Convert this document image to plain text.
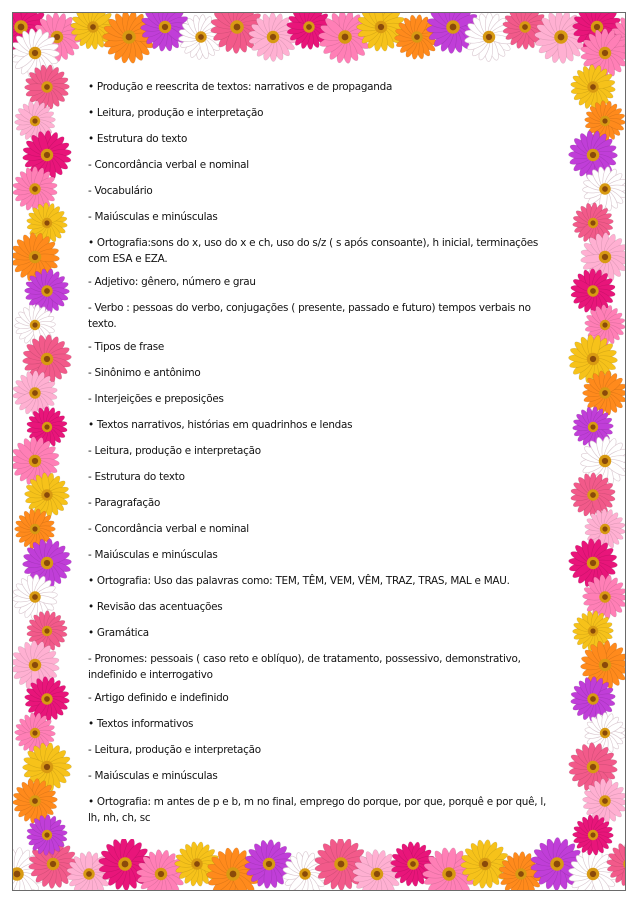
• Produção e reescrita de textos: narrativos e de propaganda
• Leitura, produção e interpretação
• Estrutura do texto
- Concordância verbal e nominal
- Vocabulário
- Maiúsculas e minúsculas
• Ortografia:sons do x, uso do x e ch, uso do s/z ( s após consoante), h inicial, terminações com ESA e EZA.
- Adjetivo: gênero, número e grau
- Verbo : pessoas do verbo, conjugações ( presente, passado e futuro) tempos verbais no texto.
- Tipos de frase
- Sinônimo e antônimo
- Interjeições e preposições
• Textos narrativos, histórias em quadrinhos e lendas
- Leitura, produção e interpretação
- Estrutura do texto
- Paragrafação
- Concordância verbal e nominal
- Maiúsculas e minúsculas
• Ortografia: Uso das palavras como: TEM, TÊM, VEM, VÊM, TRAZ, TRAS, MAL e MAU.
• Revisão das acentuações
• Gramática
- Pronomes: pessoais ( caso reto e oblíquo), de tratamento, possessivo, demonstrativo, indefinido e interrogativo
- Artigo definido e indefinido
• Textos informativos
- Leitura, produção e interpretação
- Maiúsculas e minúsculas
• Ortografia: m antes de p e b, m no final, emprego do porque, por que, porquê e por quê, l, lh, nh, ch, sc
